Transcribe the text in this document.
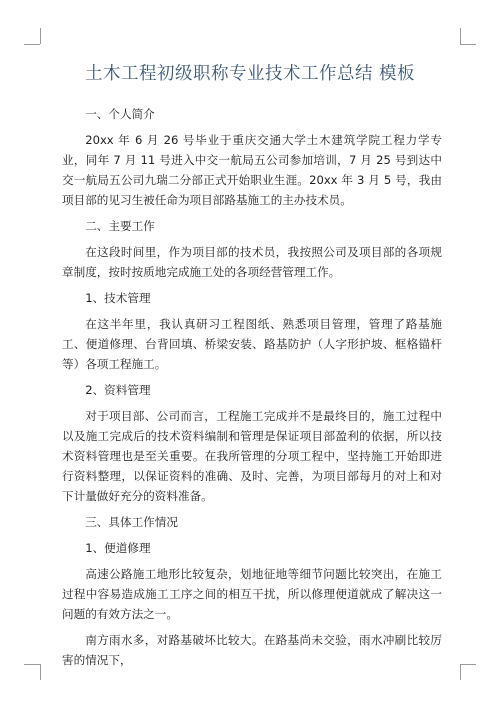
土木工程初级职称专业技术工作总结 模板

一、个人简介

20xx 年 6 月 26 号毕业于重庆交通大学土木建筑学院工程力学专业，同年 7 月 11 号进入中交一航局五公司参加培训，7 月 25 号到达中交一航局五公司九瑞二分部正式开始职业生涯。20xx 年 3 月 5 号，我由项目部的见习生被任命为项目部路基施工的主办技术员。

二、主要工作

在这段时间里，作为项目部的技术员，我按照公司及项目部的各项规章制度，按时按质地完成施工处的各项经营管理工作。

1、技术管理

在这半年里，我认真研习工程图纸、熟悉项目管理，管理了路基施工、便道修理、台背回填、桥梁安装、路基防护（人字形护坡、框格锚杆等）各项工程施工。

2、资料管理

对于项目部、公司而言，工程施工完成并不是最终目的，施工过程中以及施工完成后的技术资料编制和管理是保证项目部盈利的依据，所以技术资料管理也是至关重要。在我所管理的分项工程中，坚持施工开始即进行资料整理，以保证资料的准确、及时、完善，为项目部每月的对上和对下计量做好充分的资料准备。

三、具体工作情况

1、便道修理

高速公路施工地形比较复杂，划地征地等细节问题比较突出，在施工过程中容易造成施工工序之间的相互干扰，所以修理便道就成了解决这一问题的有效方法之一。

南方雨水多，对路基破坏比较大。在路基尚未交验，雨水冲刷比较厉害的情况下，
